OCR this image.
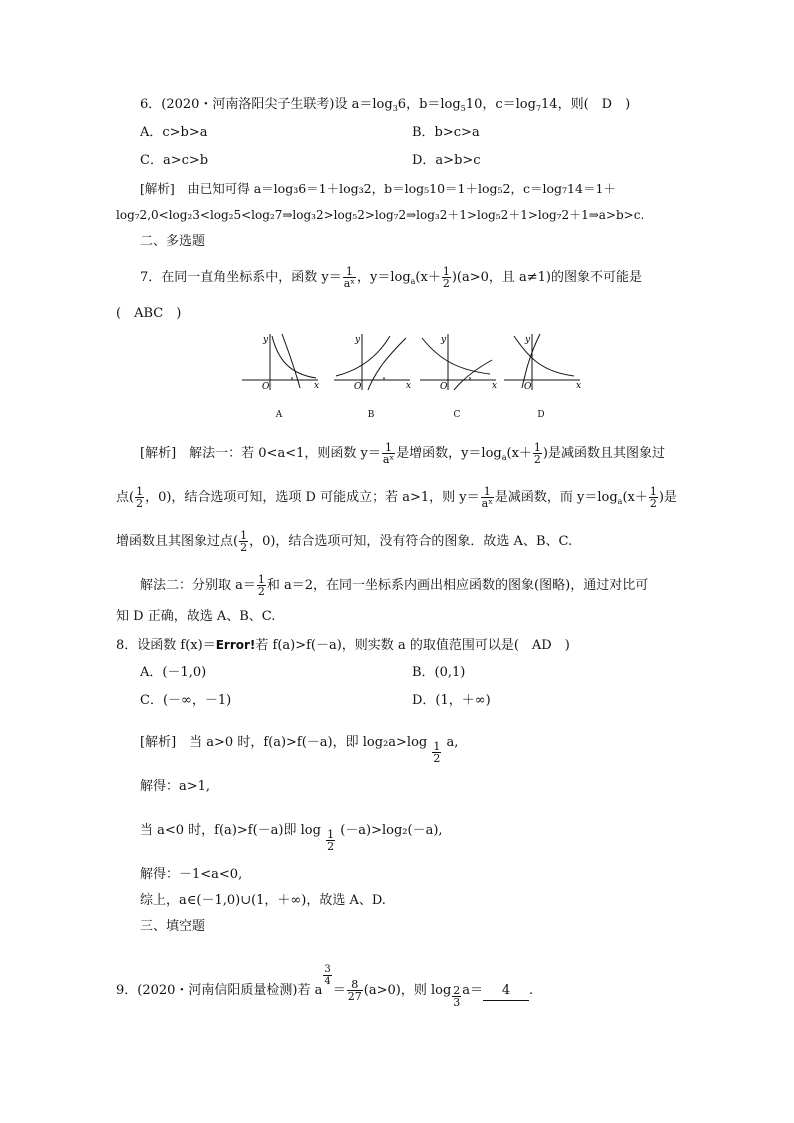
6．(2020・河南洛阳尖子生联考)设 $a=\log_36$，$b=\log_510$，$c=\log_714$，则(　D　)
A．c>b>a	B．b>c>a
C．a>c>b	D．a>b>c
[解析]　由已知可得 a＝log₃6＝1＋log₃2，b＝log₅10＝1＋log₅2，c＝log₇14＝1＋
log₇2,0<log₂3<log₂5<log₂7⇒log₃2>log₅2>log₇2⇒log₃2＋1>log₅2＋1>log₇2＋1⇒a>b>c.
二、多选题
7．在同一直角坐标系中，函数 $y= \frac{1}{\text{aˣ}}$ ，$y=\log_a(x+ \frac{1}{2} )(a>0$，且 a≠1)的图象不可能是
(　ABC　)
y
x
O
y
x
O
y
x
O
y
x
O
A	B	C	D
[解析]　解法一：若 0<a<1，则函数 $y= \frac{1}{\text{aˣ}}$ 是增函数，$y=\log_a(x+ \frac{1}{2}$ )是减函数且其图象过
点( $\frac{1}{2}$ ，0)，结合选项可知，选项 D 可能成立；若 a>1，则 $y= \frac{1}{\text{aˣ}}$ 是减函数，而 $y=\log_a(x+ \frac{1}{2}$ )是
增函数且其图象过点( $\frac{1}{2}$ ，0)，结合选项可知，没有符合的图象．故选 A、B、C.
解法二：分别取 $a= \frac{1}{2}$ 和 a＝2，在同一坐标系内画出相应函数的图象(图略)，通过对比可
知 D 正确，故选 A、B、C.
8．设函数 f(x)＝Error!若 f(a)>f(－a)，则实数 a 的取值范围可以是(　AD　)
A．(－1,0)	B．(0,1)
C．(－∞，－1)	D．(1，＋∞)
[解析]　当 a>0 时，f(a)>f(－a)，即 $\log_2a>\log \frac{1}{2} a$,
解得：a>1,
当 a<0 时，f(a)>f(－a)即 $\log \frac{1}{2} (-a)>\log_2(-a)$,
解得：－1<a<0,
综上，a∈(－1,0)∪(1，＋∞)，故选 A、D.
三、填空题
9．(2020・河南信阳质量检测)若 a
$\frac{3}{4}$
＝ $\frac{8}{27} (a>0)$，则 $\log \frac{2}{3} a= 4$ .
